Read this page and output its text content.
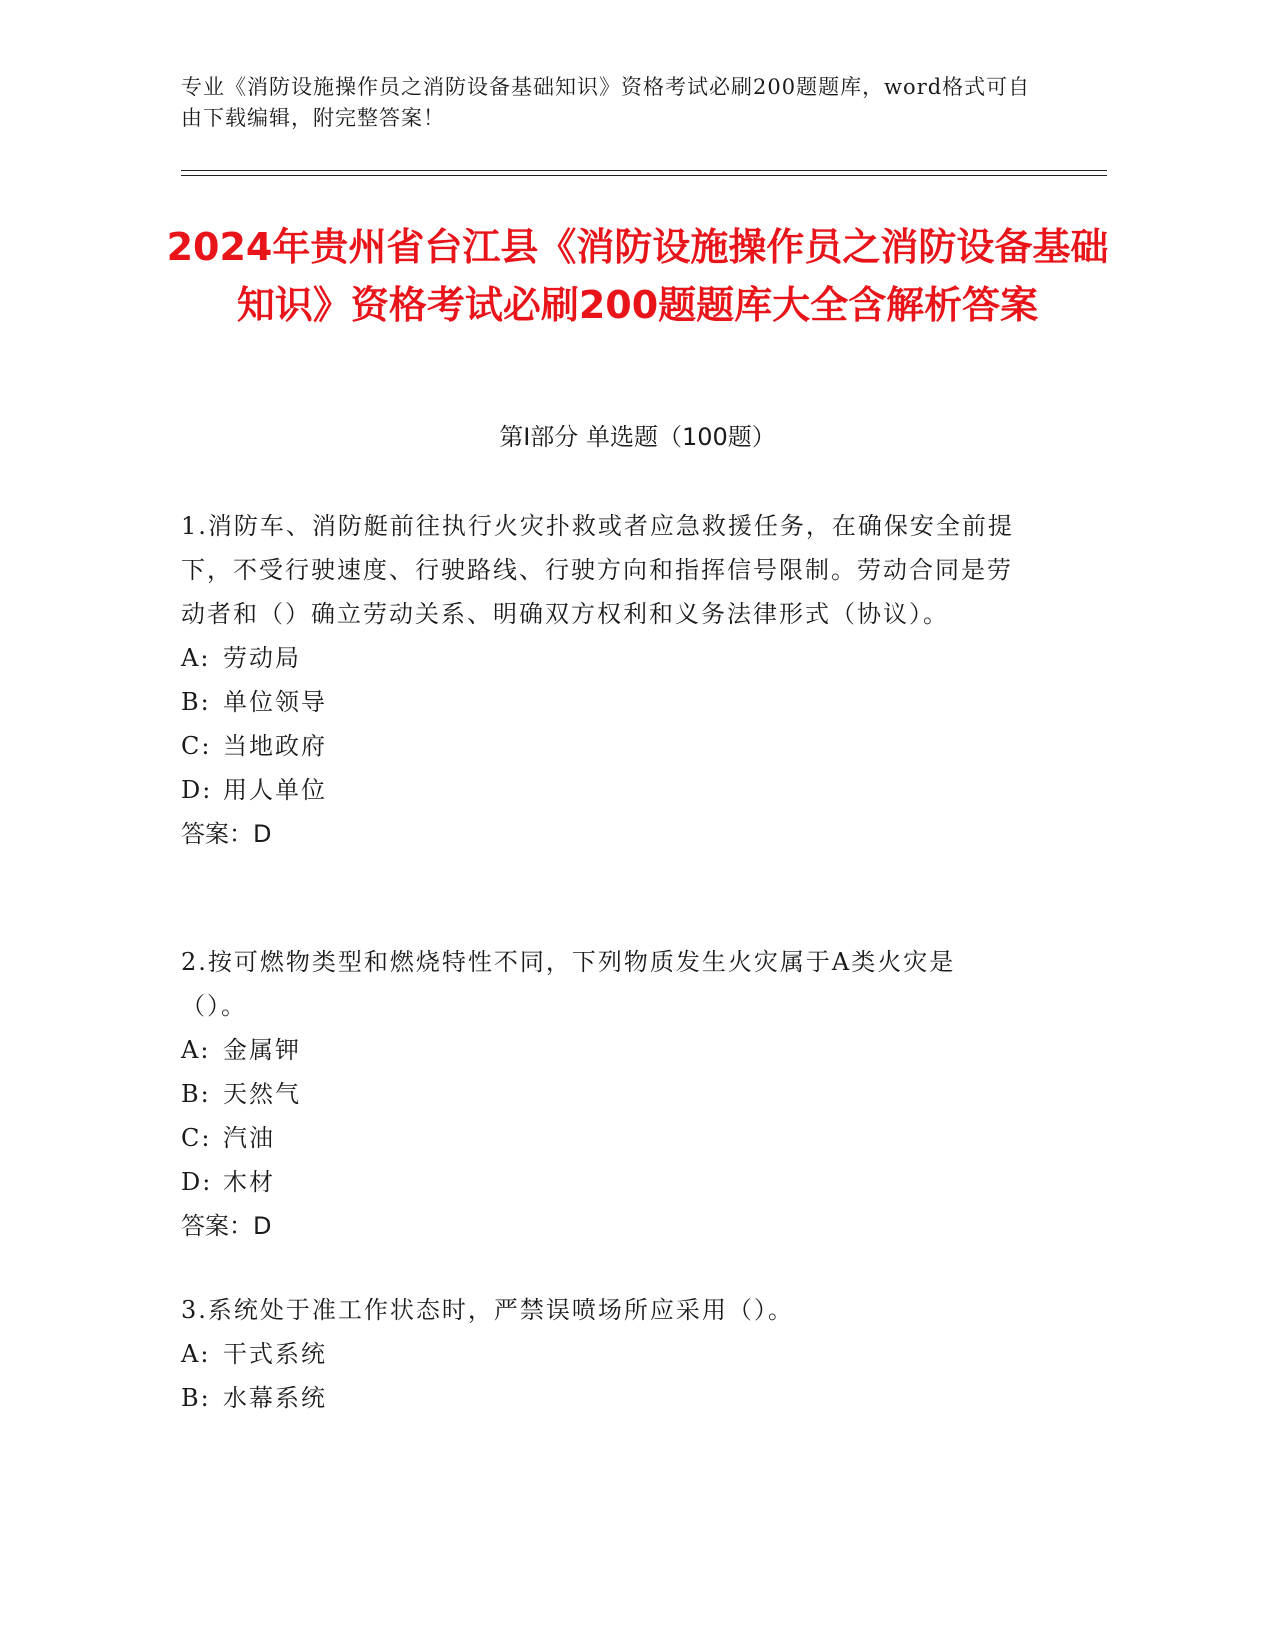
专业《消防设施操作员之消防设备基础知识》资格考试必刷200题题库，word格式可自由下载编辑，附完整答案！
2024年贵州省台江县《消防设施操作员之消防设备基础知识》资格考试必刷200题题库大全含解析答案
第I部分 单选题（100题）

1.消防车、消防艇前往执行火灾扑救或者应急救援任务，在确保安全前提下，不受行驶速度、行驶路线、行驶方向和指挥信号限制。劳动合同是劳动者和（）确立劳动关系、明确双方权利和义务法律形式（协议）。

A: 劳动局

B: 单位领导

C: 当地政府

D: 用人单位

答案：D

2.按可燃物类型和燃烧特性不同，下列物质发生火灾属于A类火灾是（）。

A: 金属钾

B: 天然气

C: 汽油

D: 木材

答案：D

3.系统处于准工作状态时，严禁误喷场所应采用（）。

A: 干式系统

B: 水幕系统
